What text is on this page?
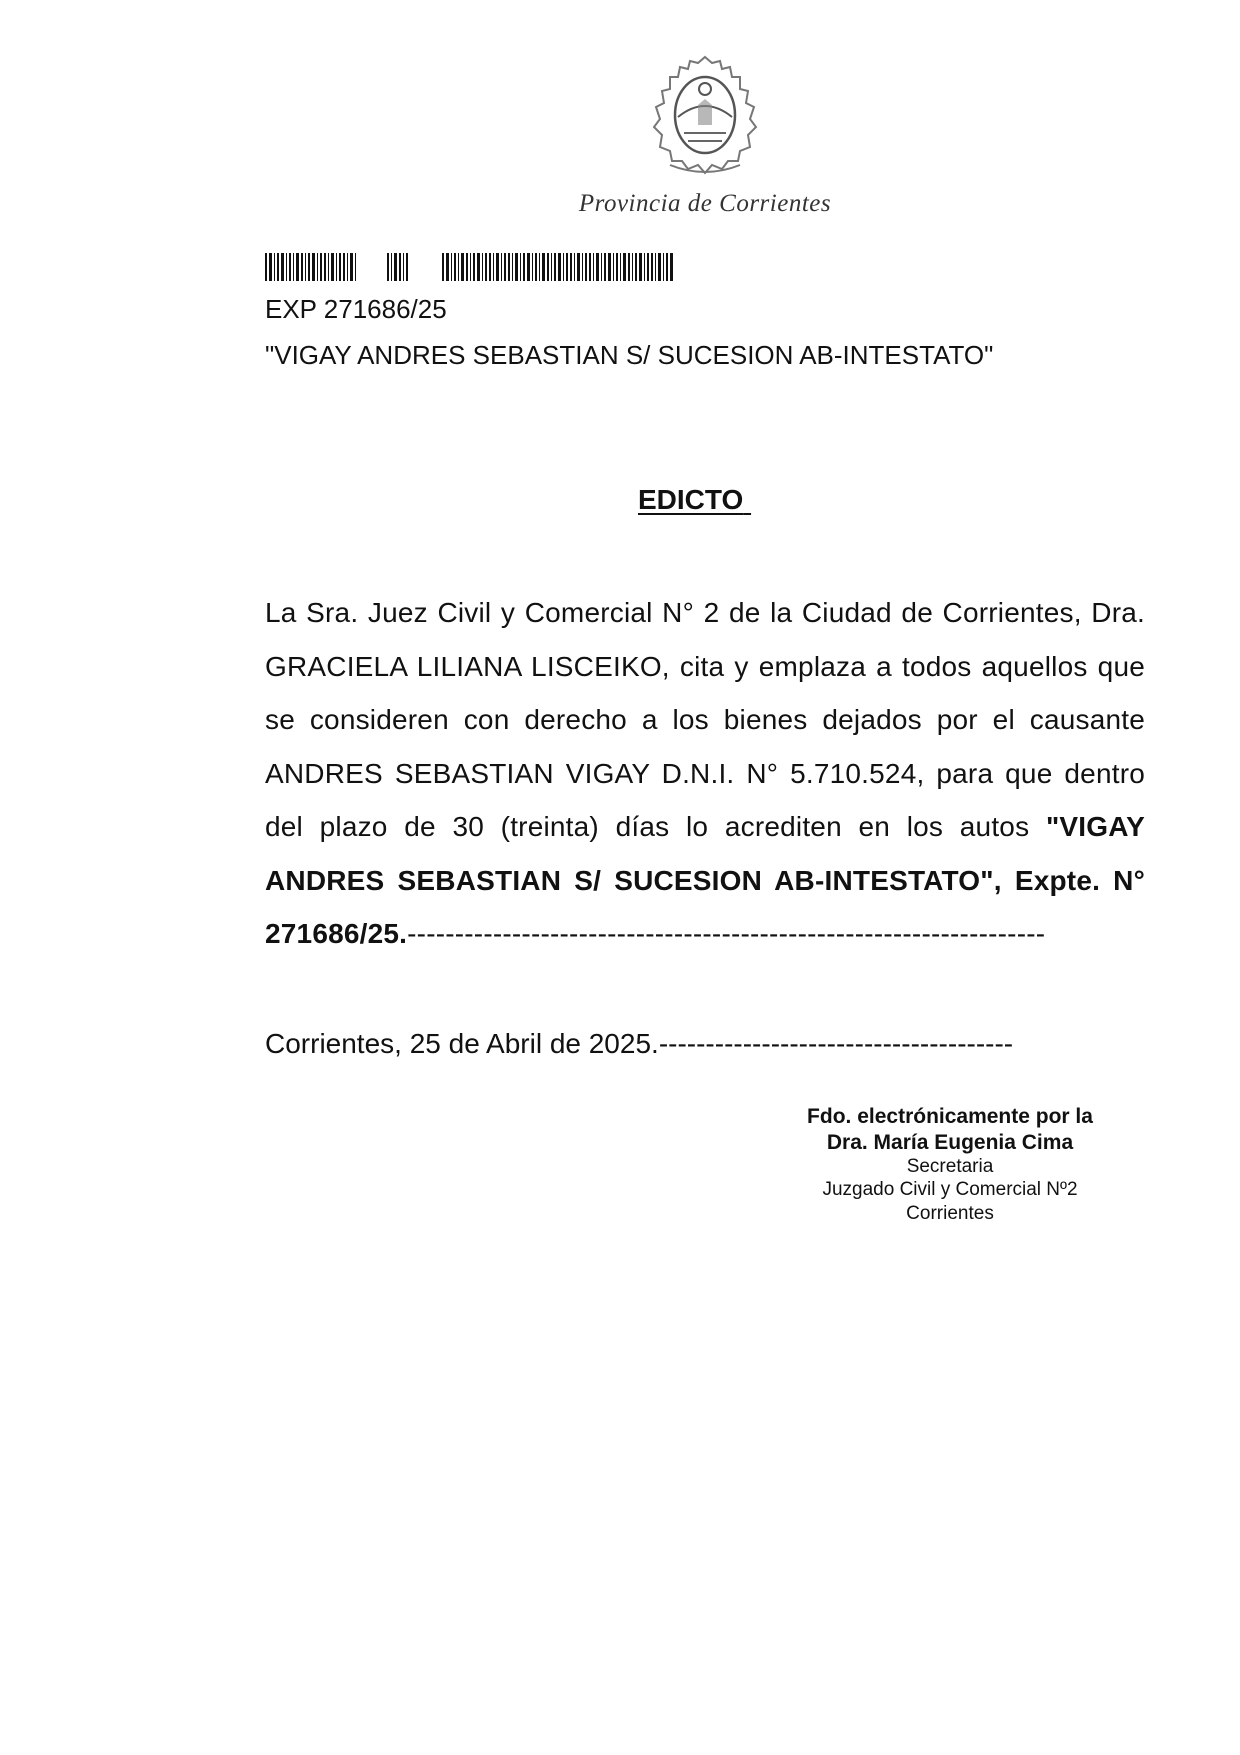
Provincia de Corrientes
EXP 271686/25
"VIGAY ANDRES SEBASTIAN S/ SUCESION AB-INTESTATO"
EDICTO
La Sra. Juez Civil y Comercial N° 2 de la Ciudad de Corrientes, Dra. GRACIELA LILIANA LISCEIKO, cita y emplaza a todos aquellos que se consideren con derecho a los bienes dejados por el causante ANDRES SEBASTIAN VIGAY D.N.I. N° 5.710.524, para que dentro del plazo de 30 (treinta) días lo acrediten en los autos "VIGAY ANDRES SEBASTIAN S/ SUCESION AB-INTESTATO", Expte. N° 271686/25.-------------------------------------------------------------------
Corrientes, 25 de Abril de 2025.--------------------------------------
Fdo. electrónicamente por la
Dra. María Eugenia Cima
Secretaria
Juzgado Civil y Comercial Nº2
Corrientes
